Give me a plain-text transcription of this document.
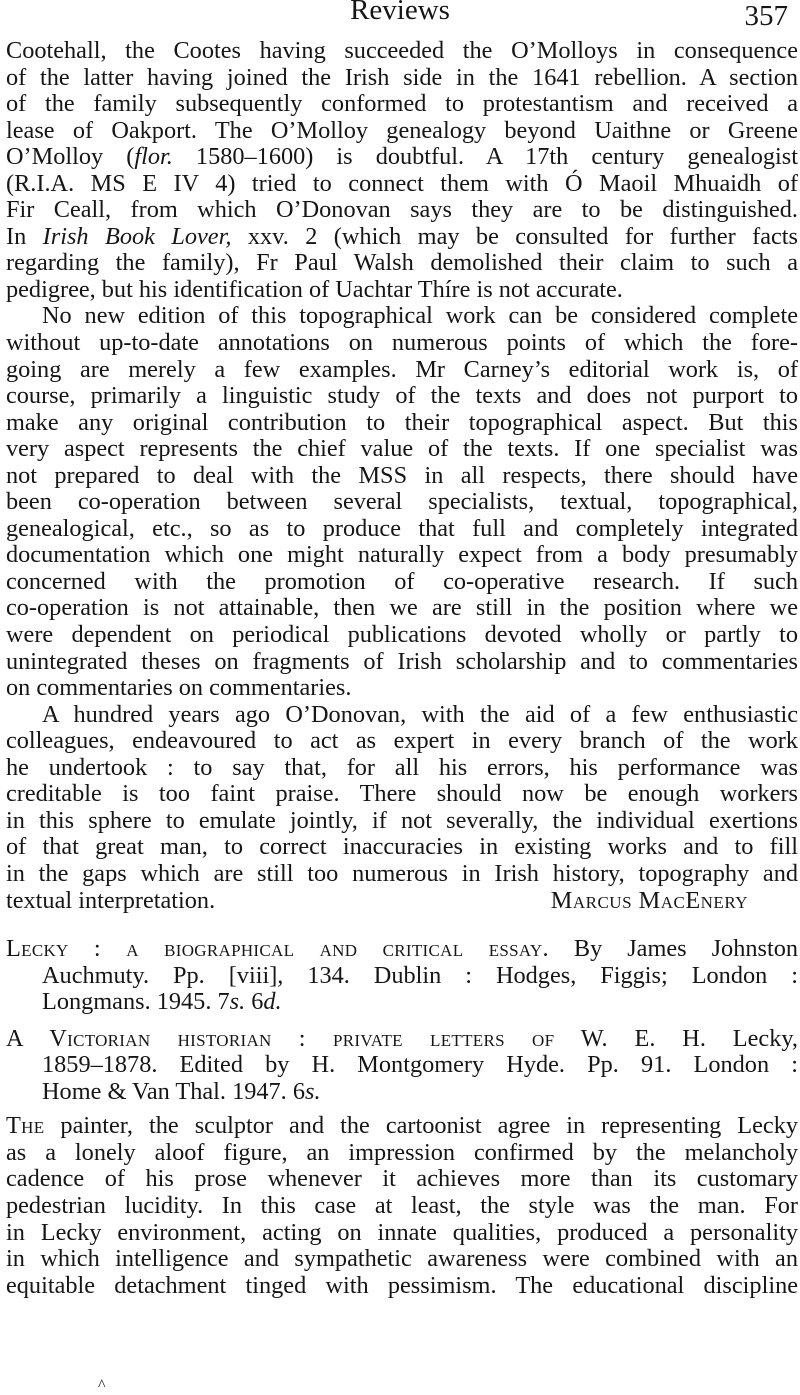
Reviews	357
Cootehall, the Cootes having succeeded the O’Molloys in consequence
of the latter having joined the Irish side in the 1641 rebellion. A section
of the family subsequently conformed to protestantism and received a
lease of Oakport. The O’Molloy genealogy beyond Uaithne or Greene
O’Molloy (flor. 1580–1600) is doubtful. A 17th century genealogist
(R.I.A. MS E IV 4) tried to connect them with Ó Maoil Mhuaidh of
Fir Ceall, from which O’Donovan says they are to be distinguished.
In Irish Book Lover, xxv. 2 (which may be consulted for further facts
regarding the family), Fr Paul Walsh demolished their claim to such a
pedigree, but his identification of Uachtar Thíre is not accurate.
No new edition of this topographical work can be considered complete
without up-to-date annotations on numerous points of which the fore-
going are merely a few examples. Mr Carney’s editorial work is, of
course, primarily a linguistic study of the texts and does not purport to
make any original contribution to their topographical aspect. But this
very aspect represents the chief value of the texts. If one specialist was
not prepared to deal with the MSS in all respects, there should have
been co-operation between several specialists, textual, topographical,
genealogical, etc., so as to produce that full and completely integrated
documentation which one might naturally expect from a body presumably
concerned with the promotion of co-operative research. If such
co-operation is not attainable, then we are still in the position where we
were dependent on periodical publications devoted wholly or partly to
unintegrated theses on fragments of Irish scholarship and to commentaries
on commentaries on commentaries.
A hundred years ago O’Donovan, with the aid of a few enthusiastic
colleagues, endeavoured to act as expert in every branch of the work
he undertook : to say that, for all his errors, his performance was
creditable is too faint praise. There should now be enough workers
in this sphere to emulate jointly, if not severally, the individual exertions
of that great man, to correct inaccuracies in existing works and to fill
in the gaps which are still too numerous in Irish history, topography and
textual interpretation.	Marcus MacEnery
Lecky : a biographical and critical essay. By James Johnston
Auchmuty. Pp. [viii], 134. Dublin : Hodges, Figgis; London :
Longmans. 1945. 7s. 6d.
A Victorian historian : private letters of W. E. H. Lecky,
1859–1878. Edited by H. Montgomery Hyde. Pp. 91. London :
Home & Van Thal. 1947. 6s.
The painter, the sculptor and the cartoonist agree in representing Lecky
as a lonely aloof figure, an impression confirmed by the melancholy
cadence of his prose whenever it achieves more than its customary
pedestrian lucidity. In this case at least, the style was the man. For
in Lecky environment, acting on innate qualities, produced a personality
in which intelligence and sympathetic awareness were combined with an
equitable detachment tinged with pessimism. The educational discipline
^
